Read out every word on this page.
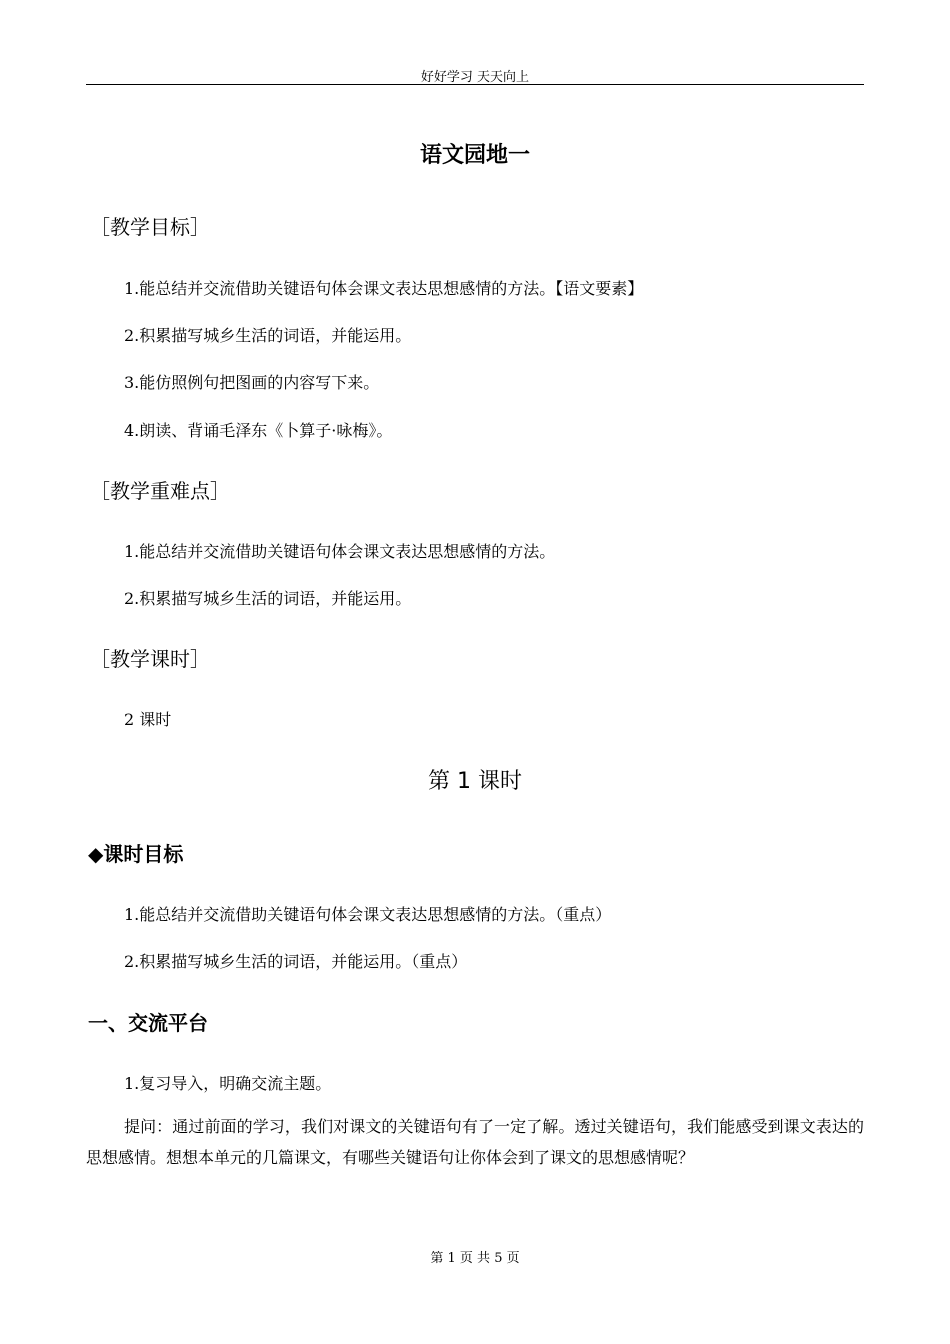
好好学习 天天向上
语文园地一
［教学目标］
1.能总结并交流借助关键语句体会课文表达思想感情的方法。【语文要素】
2.积累描写城乡生活的词语，并能运用。
3.能仿照例句把图画的内容写下来。
4.朗读、背诵毛泽东《卜算子·咏梅》。
［教学重难点］
1.能总结并交流借助关键语句体会课文表达思想感情的方法。
2.积累描写城乡生活的词语，并能运用。
［教学课时］
2 课时
第 1 课时
◆课时目标
1.能总结并交流借助关键语句体会课文表达思想感情的方法。（重点）
2.积累描写城乡生活的词语，并能运用。（重点）
一、交流平台
1.复习导入，明确交流主题。
提问：通过前面的学习，我们对课文的关键语句有了一定了解。透过关键语句，我们能感受到课文表达的思想感情。想想本单元的几篇课文，有哪些关键语句让你体会到了课文的思想感情呢？
第 1 页 共 5 页
